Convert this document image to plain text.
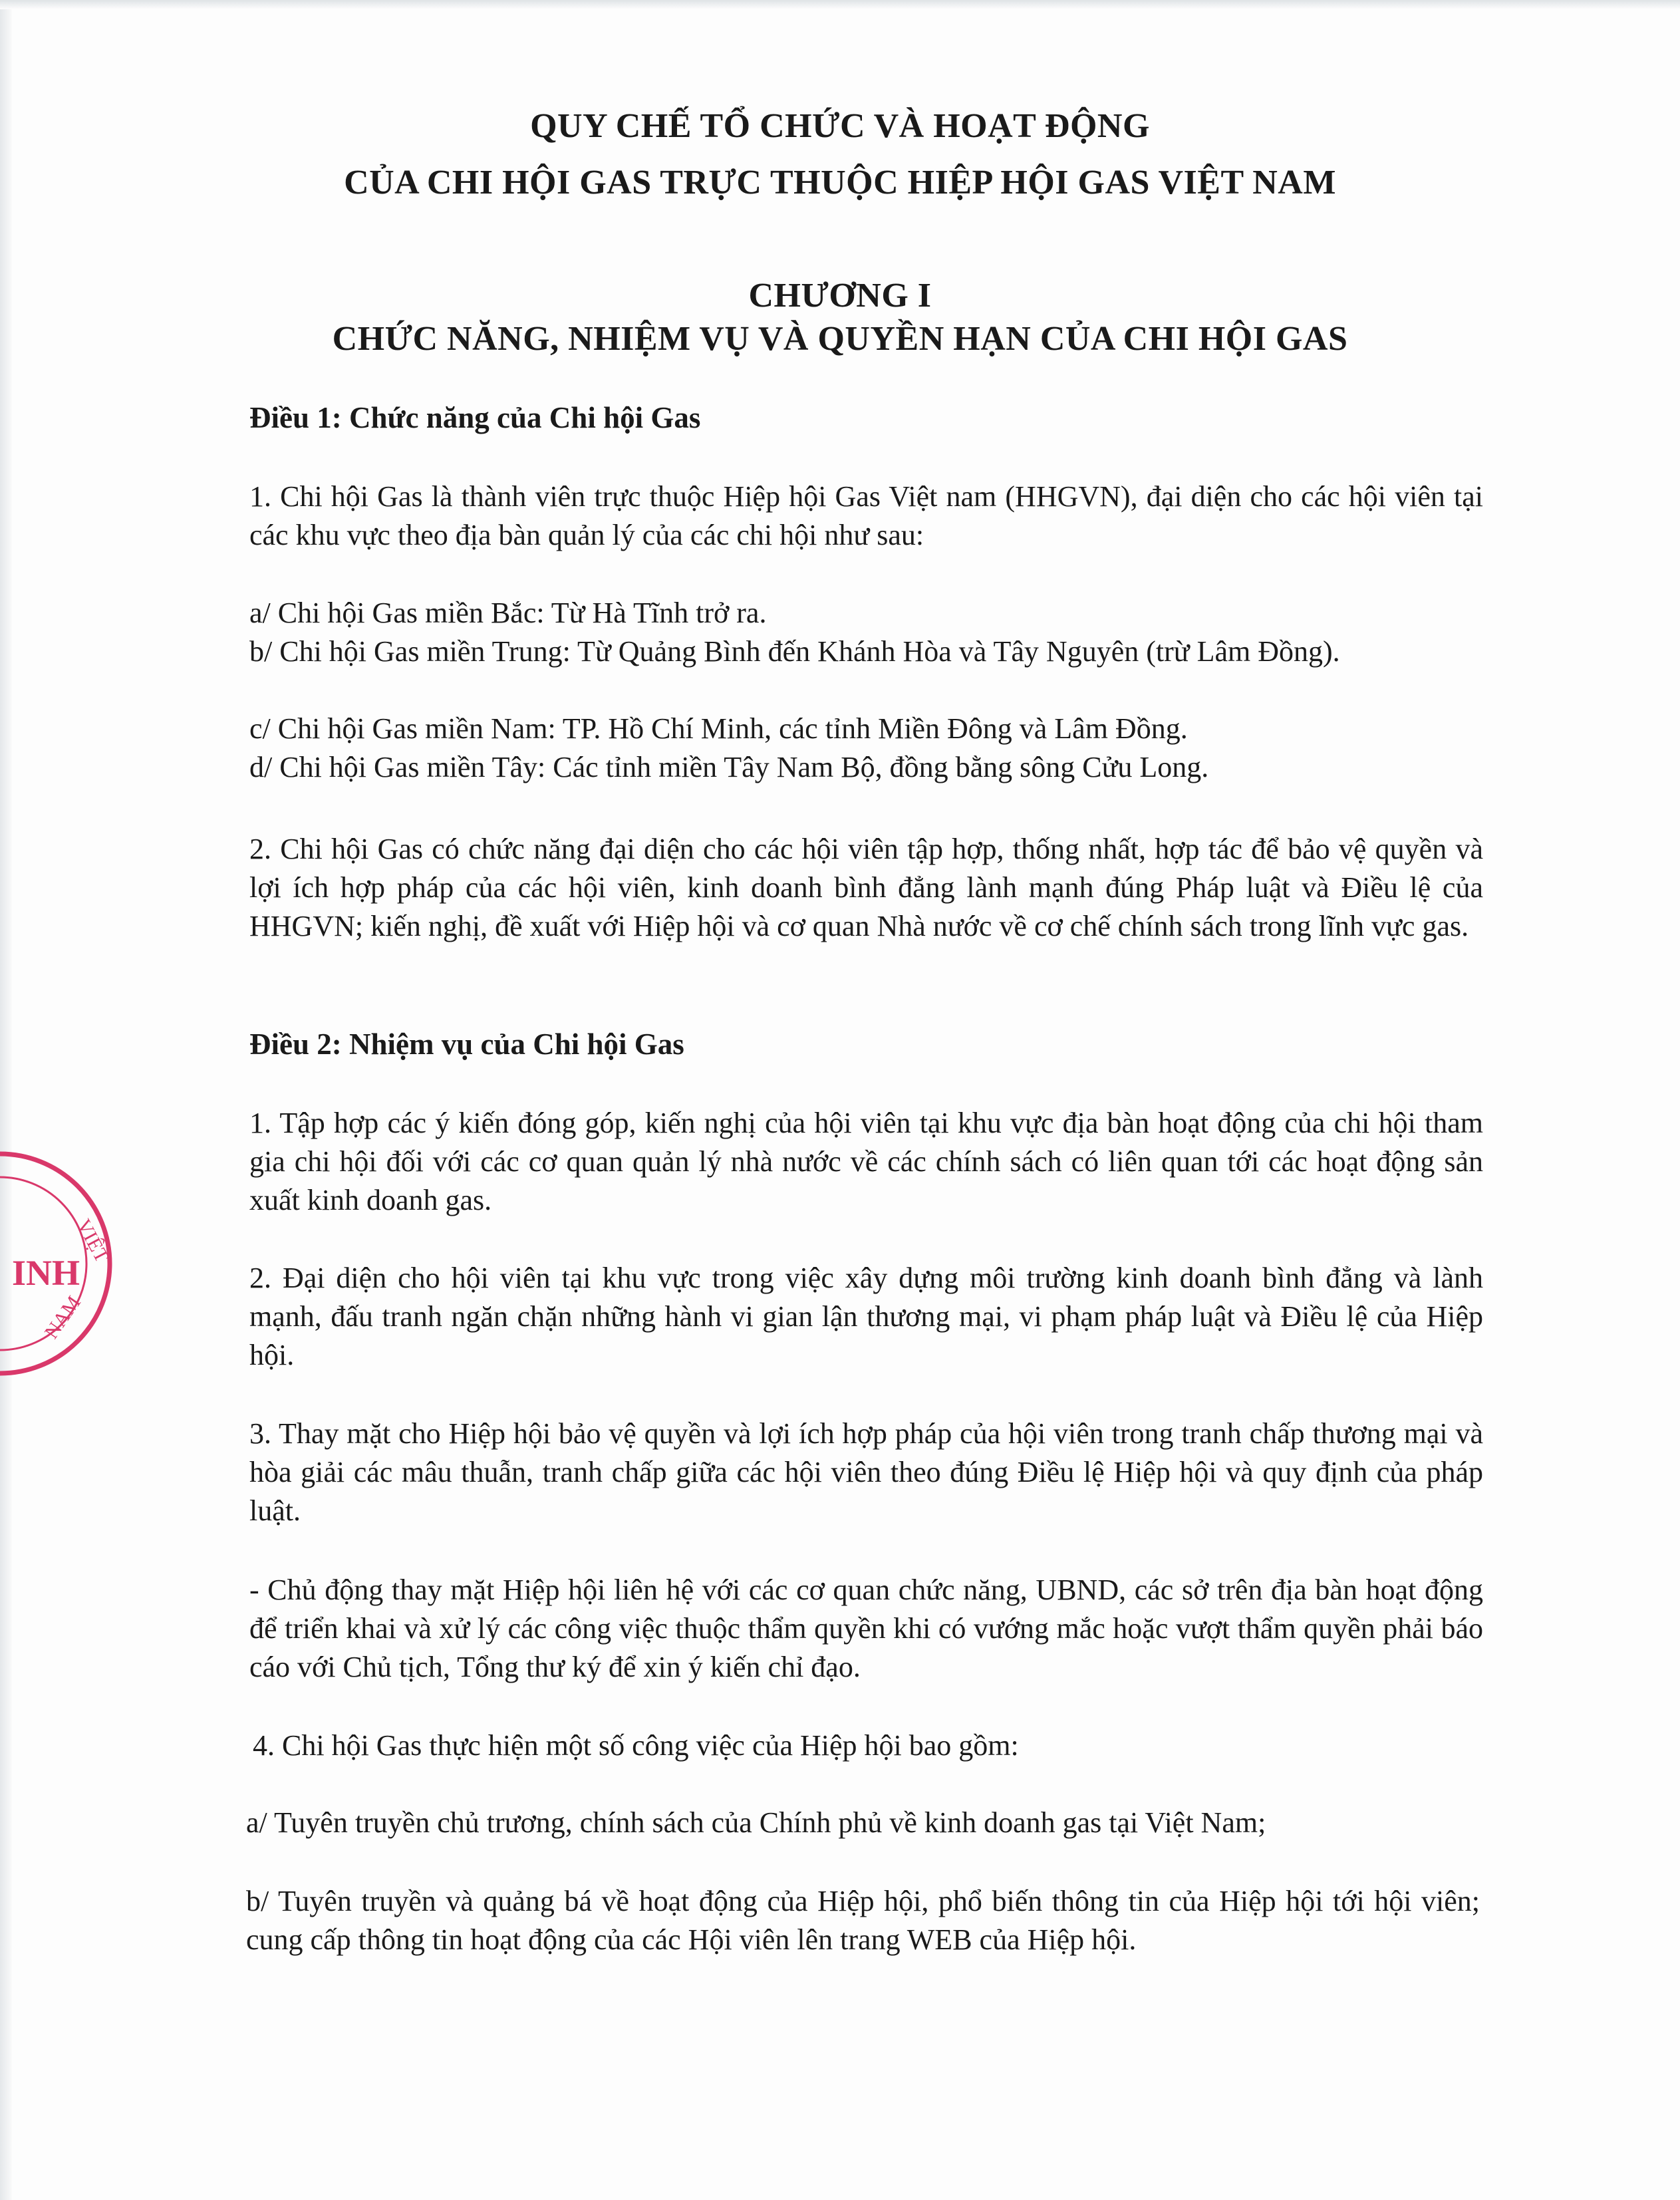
QUY CHẾ TỔ CHỨC VÀ HOẠT ĐỘNG
CỦA CHI HỘI GAS TRỰC THUỘC HIỆP HỘI GAS VIỆT NAM
CHƯƠNG I
CHỨC NĂNG, NHIỆM VỤ VÀ QUYỀN HẠN CỦA CHI HỘI GAS
Điều 1: Chức năng của Chi hội Gas
1. Chi hội Gas là thành viên trực thuộc Hiệp hội Gas Việt nam (HHGVN), đại diện cho các hội viên tại các khu vực theo địa bàn quản lý của các chi hội như sau:
a/ Chi hội Gas miền Bắc: Từ Hà Tĩnh trở ra.
b/ Chi hội Gas miền Trung: Từ Quảng Bình đến Khánh Hòa và Tây Nguyên (trừ Lâm Đồng).
c/ Chi hội Gas miền Nam: TP. Hồ Chí Minh, các tỉnh Miền Đông và Lâm Đồng.
d/ Chi hội Gas miền Tây: Các tỉnh miền Tây Nam Bộ, đồng bằng sông Cửu Long.
2. Chi hội Gas có chức năng đại diện cho các hội viên tập hợp, thống nhất, hợp tác để bảo vệ quyền và lợi ích hợp pháp của các hội viên, kinh doanh bình đẳng lành mạnh đúng Pháp luật và Điều lệ của HHGVN; kiến nghị, đề xuất với Hiệp hội và cơ quan Nhà nước về cơ chế chính sách trong lĩnh vực gas.
Điều 2: Nhiệm vụ của Chi hội Gas
1. Tập hợp các ý kiến đóng góp, kiến nghị của hội viên tại khu vực địa bàn hoạt động của chi hội tham gia chi hội đối với các cơ quan quản lý nhà nước về các chính sách có liên quan tới các hoạt động sản xuất kinh doanh gas.
2. Đại diện cho hội viên tại khu vực trong việc xây dựng môi trường kinh doanh bình đẳng và lành mạnh, đấu tranh ngăn chặn những hành vi gian lận thương mại, vi phạm pháp luật và Điều lệ của Hiệp hội.
3. Thay mặt cho Hiệp hội bảo vệ quyền và lợi ích hợp pháp của hội viên trong tranh chấp thương mại và hòa giải các mâu thuẫn, tranh chấp giữa các hội viên theo đúng Điều lệ Hiệp hội và quy định của pháp luật.
- Chủ động thay mặt Hiệp hội liên hệ với các cơ quan chức năng, UBND, các sở trên địa bàn hoạt động để triển khai và xử lý các công việc thuộc thẩm quyền khi có vướng mắc hoặc vượt thẩm quyền phải báo cáo với Chủ tịch, Tổng thư ký để xin ý kiến chỉ đạo.
4. Chi hội Gas thực hiện một số công việc của Hiệp hội bao gồm:
a/ Tuyên truyền chủ trương, chính sách của Chính phủ về kinh doanh gas tại Việt Nam;
b/ Tuyên truyền và quảng bá về hoạt động của Hiệp hội, phổ biến thông tin của Hiệp hội tới hội viên; cung cấp thông tin hoạt động của các Hội viên lên trang WEB của Hiệp hội.
VIỆT
INH
NAM
